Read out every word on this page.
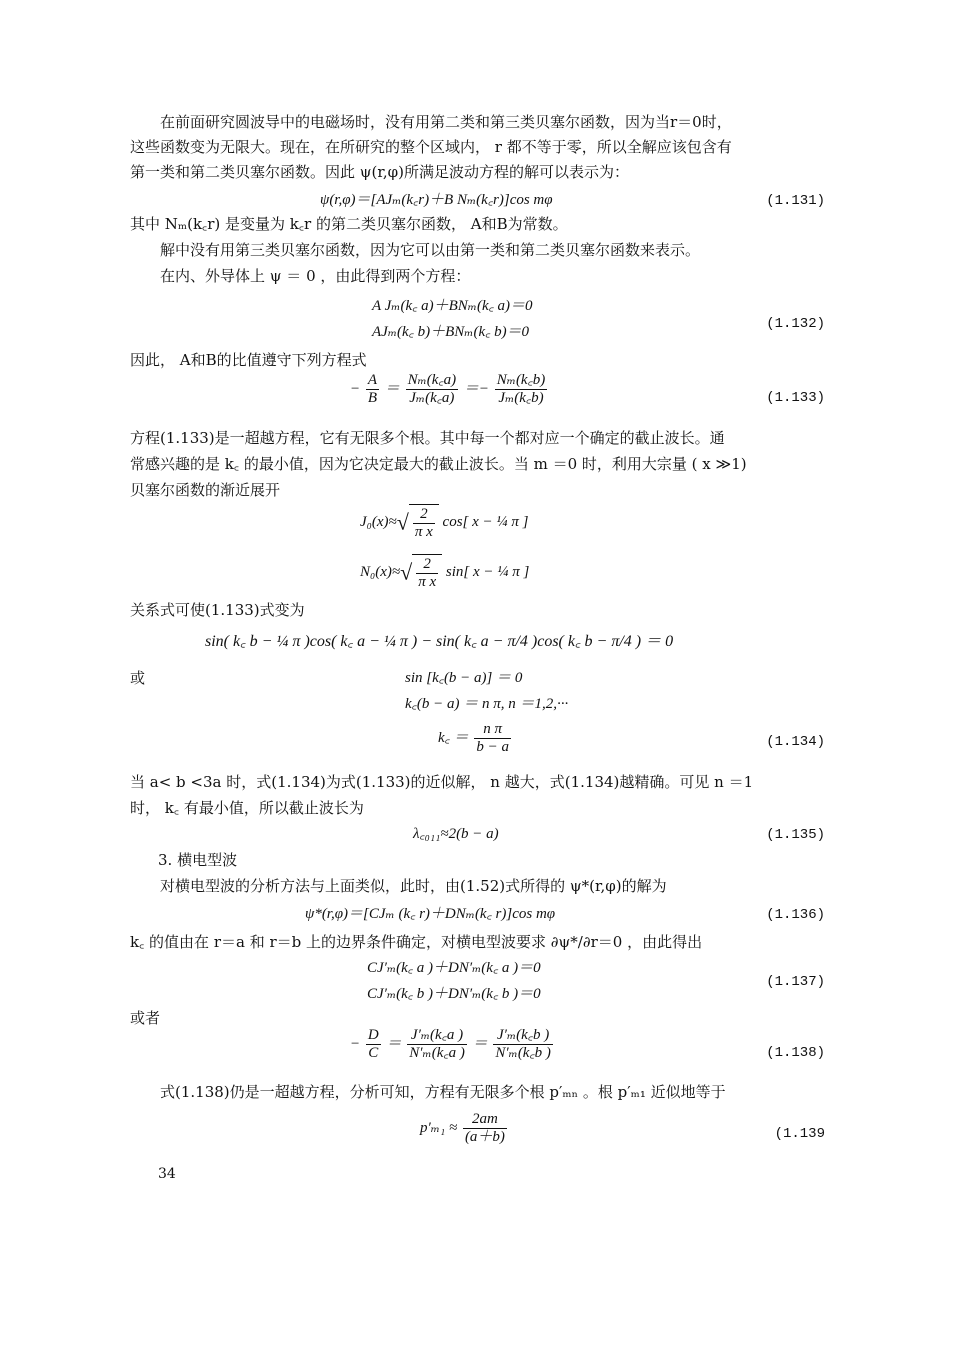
在前面研究圆波导中的电磁场时，没有用第二类和第三类贝塞尔函数，因为当r＝0时，
这些函数变为无限大。现在，在所研究的整个区域内， r 都不等于零，所以全解应该包含有
第一类和第二类贝塞尔函数。因此 ψ(r,φ)所满足波动方程的解可以表示为：
ψ(r,φ)＝[AJₘ(k꜀r)＋B Nₘ(k꜀r)]cos mφ	(1.131)
其中 Nₘ(k꜀r) 是变量为 k꜀r 的第二类贝塞尔函数， A和B为常数。
解中没有用第三类贝塞尔函数，因为它可以由第一类和第二类贝塞尔函数来表示。
在内、外导体上 ψ ＝ 0 ，由此得到两个方程：
A Jₘ(k꜀ a)＋BNₘ(k꜀ a)＝0
AJₘ(k꜀ b)＋BNₘ(k꜀ b)＝0	(1.132)
因此， A和B的比值遵守下列方程式
− $\frac{A}{B} = \frac{\text{Nₘ(k꜀a)}}{\text{Jₘ(k꜀a)}} =- \frac{\text{Nₘ(k꜀b)}}{\text{Jₘ(k꜀b)}}$	(1.133)
方程(1.133)是一超越方程，它有无限多个根。其中每一个都对应一个确定的截止波长。通
常感兴趣的是 k꜀ 的最小值，因为它决定最大的截止波长。当 m ＝0 时，利用大宗量 ( x ≫1)
贝塞尔函数的渐近展开
$J_0(x)\approx√ \frac{2}{\text{π x}} \cos$[ x − ¼ π ]
$N_0(x)\approx√ \frac{2}{\text{π x}} \sin$[ x − ¼ π ]
关系式可使(1.133)式变为
sin( k꜀ b − ¼ π )cos( k꜀ a − ¼ π ) − sin( k꜀ a − π/4 )cos( k꜀ b − π/4 ) ＝ 0
或	sin [k꜀(b − a)] ＝ 0
k꜀(b − a) ＝ n π, n ＝1,2,···
k꜀ ＝ $\frac{\text{n π}}{b - a}$	(1.134)
当 a< b <3a 时，式(1.134)为式(1.133)的近似解， n 越大，式(1.134)越精确。可见 n ＝1
时， k꜀ 有最小值，所以截止波长为
λ꜀₀₁₁≈2(b − a)	(1.135)
3. 横电型波
对横电型波的分析方法与上面类似，此时，由(1.52)式所得的 ψ*(r,φ)的解为
ψ*(r,φ)＝[CJₘ (k꜀ r)＋DNₘ(k꜀ r)]cos mφ	(1.136)
k꜀ 的值由在 r＝a 和 r＝b 上的边界条件确定，对横电型波要求 ∂ψ*/∂r＝0 ，由此得出
CJ′ₘ(k꜀ a )＋DN′ₘ(k꜀ a )＝0
CJ′ₘ(k꜀ b )＋DN′ₘ(k꜀ b )＝0
(1.137)
或者
− $\frac{D}{C} = \frac{\text{J′ₘ(k꜀a )}}{\text{N′ₘ(k꜀a )}} = \frac{\text{J′ₘ(k꜀b )}}{\text{N′ₘ(k꜀b )}}$	(1.138)
式(1.138)仍是一超越方程，分析可知，方程有无限多个根 p′ₘₙ 。根 p′ₘ₁ 近似地等于
$p'_{m1} \approx \frac{2am}{(a+b)}$	(1.139
34
